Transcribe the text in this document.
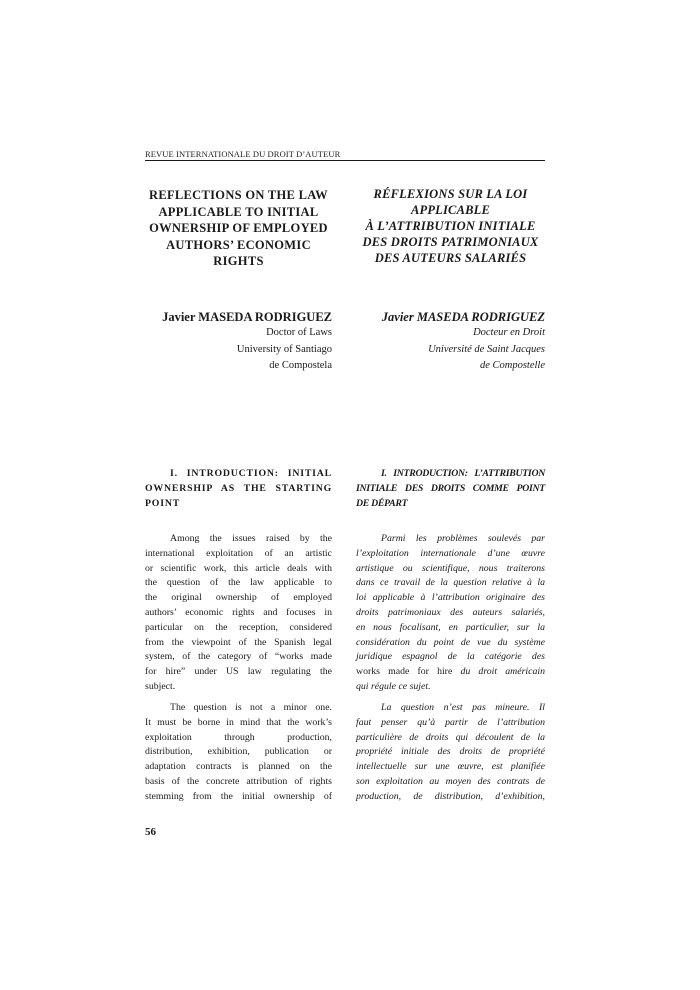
REVUE INTERNATIONALE DU DROIT D’AUTEUR
REFLECTIONS ON THE LAW
APPLICABLE TO INITIAL
OWNERSHIP OF EMPLOYED
AUTHORS’ ECONOMIC
RIGHTS
RÉFLEXIONS SUR LA LOI
APPLICABLE
À L’ATTRIBUTION INITIALE
DES DROITS PATRIMONIAUX
DES AUTEURS SALARIÉS
Javier MASEDA RODRIGUEZ
Doctor of Laws
University of Santiago
de Compostela
Javier MASEDA RODRIGUEZ
Docteur en Droit
Université de Saint Jacques
de Compostelle
I. INTRODUCTION: INITIAL
OWNERSHIP AS THE STARTING
POINT
I. INTRODUCTION: L’ATTRIBUTION
INITIALE DES DROITS COMME POINT
DE DÉPART
Among the issues raised by the
international exploitation of an artistic
or scientific work, this article deals with
the question of the law applicable to
the original ownership of employed
authors’ economic rights and focuses in
particular on the reception, considered
from the viewpoint of the Spanish legal
system, of the category of “works made
for hire” under US law regulating the
subject.
Parmi les problèmes soulevés par
l’exploitation internationale d’une œuvre
artistique ou scientifique, nous traiterons
dans ce travail de la question relative à la
loi applicable à l’attribution originaire des
droits patrimoniaux des auteurs salariés,
en nous focalisant, en particulier, sur la
considération du point de vue du système
juridique espagnol de la catégorie des
works made for hire du droit américain
qui régule ce sujet.
The question is not a minor one.
It must be borne in mind that the work’s
exploitation through production,
distribution, exhibition, publication or
adaptation contracts is planned on the
basis of the concrete attribution of rights
stemming from the initial ownership of
La question n’est pas mineure. Il
faut penser qu’à partir de l’attribution
particulière de droits qui découlent de la
propriété initiale des droits de propriété
intellectuelle sur une œuvre, est planifiée
son exploitation au moyen des contrats de
production, de distribution, d’exhibition,
56
